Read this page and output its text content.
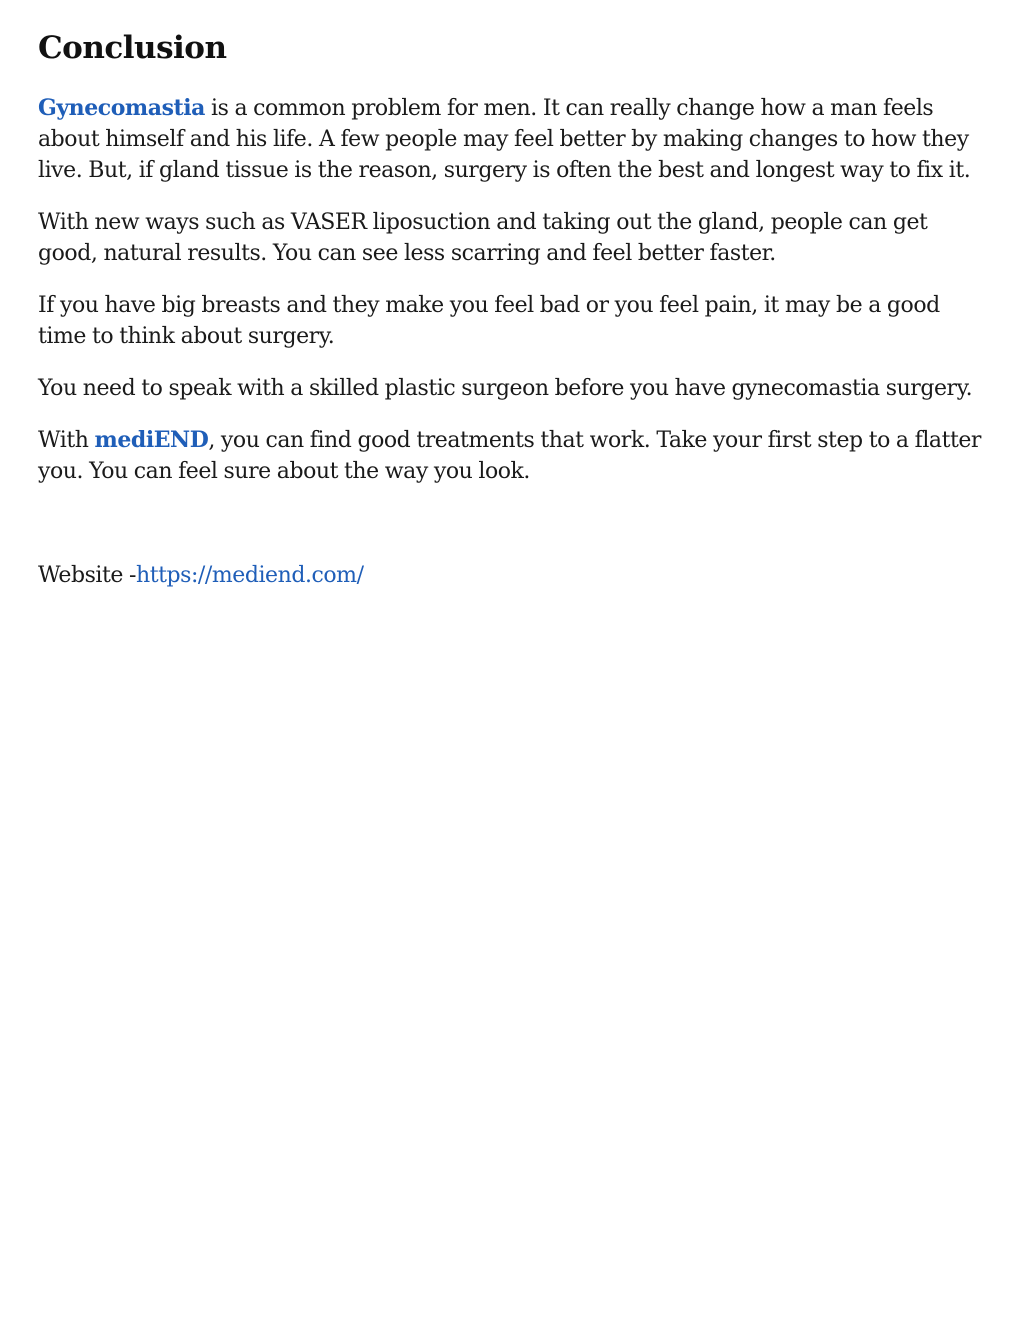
Conclusion

Gynecomastia is a common problem for men. It can really change how a man feels about himself and his life. A few people may feel better by making changes to how they live. But, if gland tissue is the reason, surgery is often the best and longest way to fix it.

With new ways such as VASER liposuction and taking out the gland, people can get good, natural results. You can see less scarring and feel better faster.

If you have big breasts and they make you feel bad or you feel pain, it may be a good time to think about surgery.

You need to speak with a skilled plastic surgeon before you have gynecomastia surgery.

With mediEND, you can find good treatments that work. Take your first step to a flatter you. You can feel sure about the way you look.

Website -https://mediend.com/
